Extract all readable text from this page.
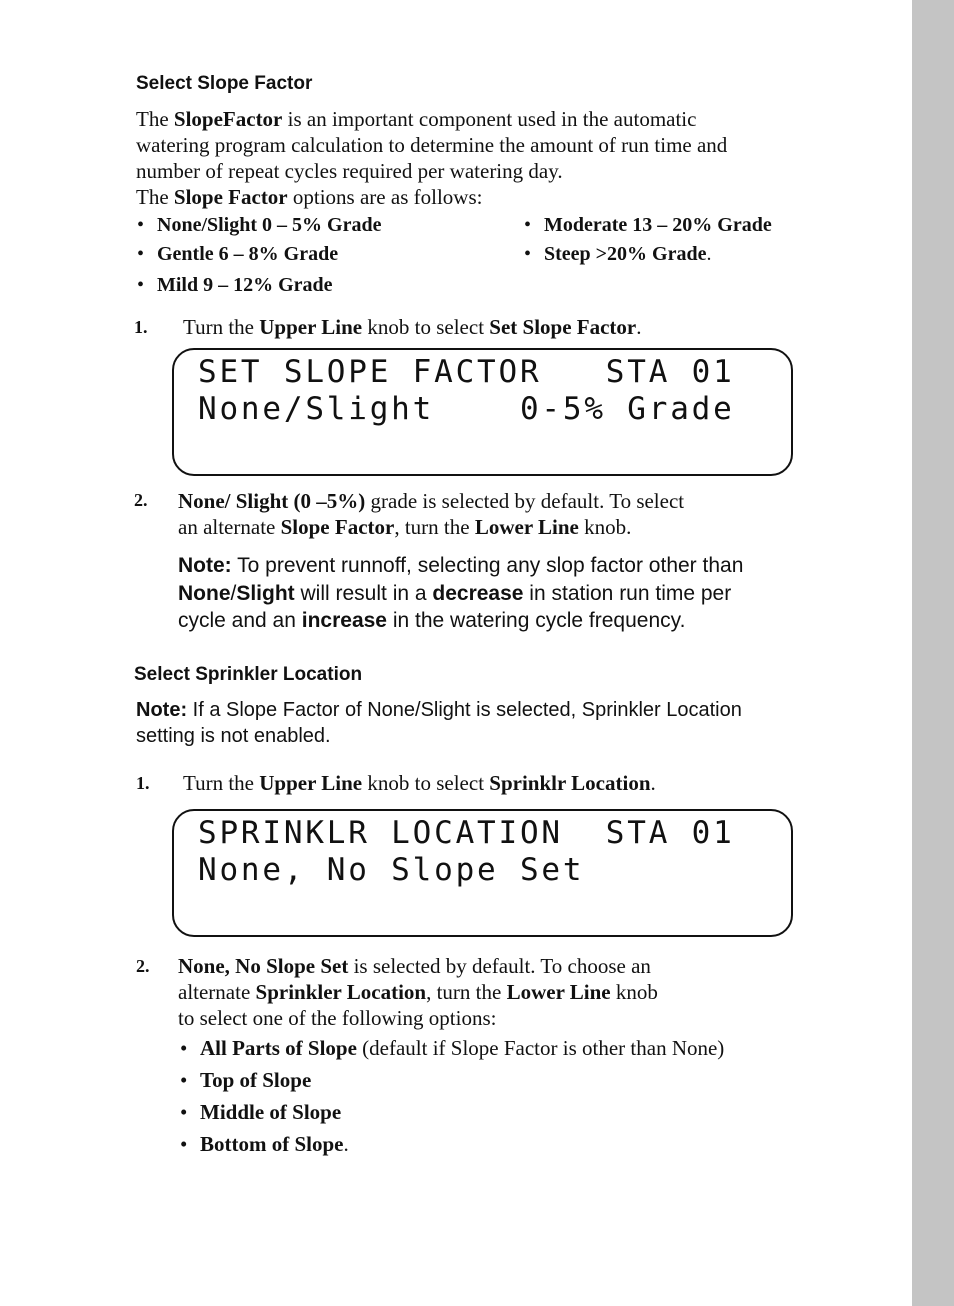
Select Slope Factor
The SlopeFactor is an important component used in the automatic
watering program calculation to determine the amount of run time and
number of repeat cycles required per watering day.
The Slope Factor options are as follows:
• None/Slight 0 – 5% Grade
• Gentle 6 – 8% Grade
• Mild 9 – 12% Grade
• Moderate 13 – 20% Grade
• Steep >20% Grade.
1. Turn the Upper Line knob to select Set Slope Factor.
SET SLOPE FACTOR   STA 01
None/Slight    0-5% Grade
2. None/ Slight (0 –5%) grade is selected by default. To select
an alternate Slope Factor, turn the Lower Line knob.
Note: To prevent runnoff, selecting any slop factor other than
None/Slight will result in a decrease in station run time per
cycle and an increase in the watering cycle frequency.
Select Sprinkler Location
Note: If a Slope Factor of None/Slight is selected, Sprinkler Location
setting is not enabled.
1. Turn the Upper Line knob to select Sprinklr Location.
SPRINKLR LOCATION  STA 01
None, No Slope Set
2. None, No Slope Set is selected by default. To choose an
alternate Sprinkler Location, turn the Lower Line knob
to select one of the following options:
• All Parts of Slope (default if Slope Factor is other than None)
• Top of Slope
• Middle of Slope
• Bottom of Slope.
